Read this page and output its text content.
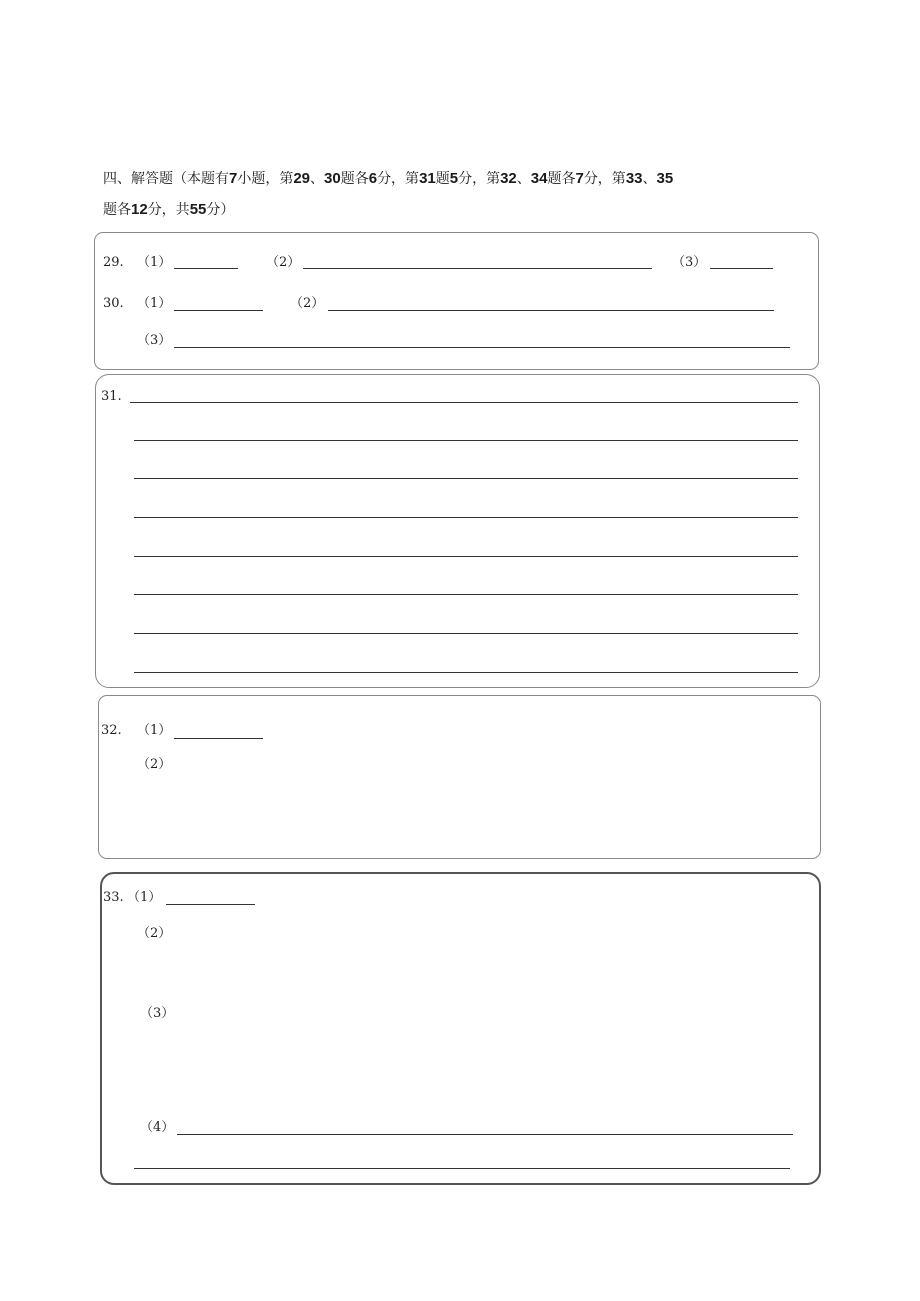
四、解答题（本题有7小题，第29、30题各6分，第31题5分，第32、34题各7分，第33、35
题各12分，共55分）
29. （1）	（2）	（3）
30. （1）	（2）
（3）
31.
32. （1）
（2）
33. （1）
（2）
（3）
（4）
